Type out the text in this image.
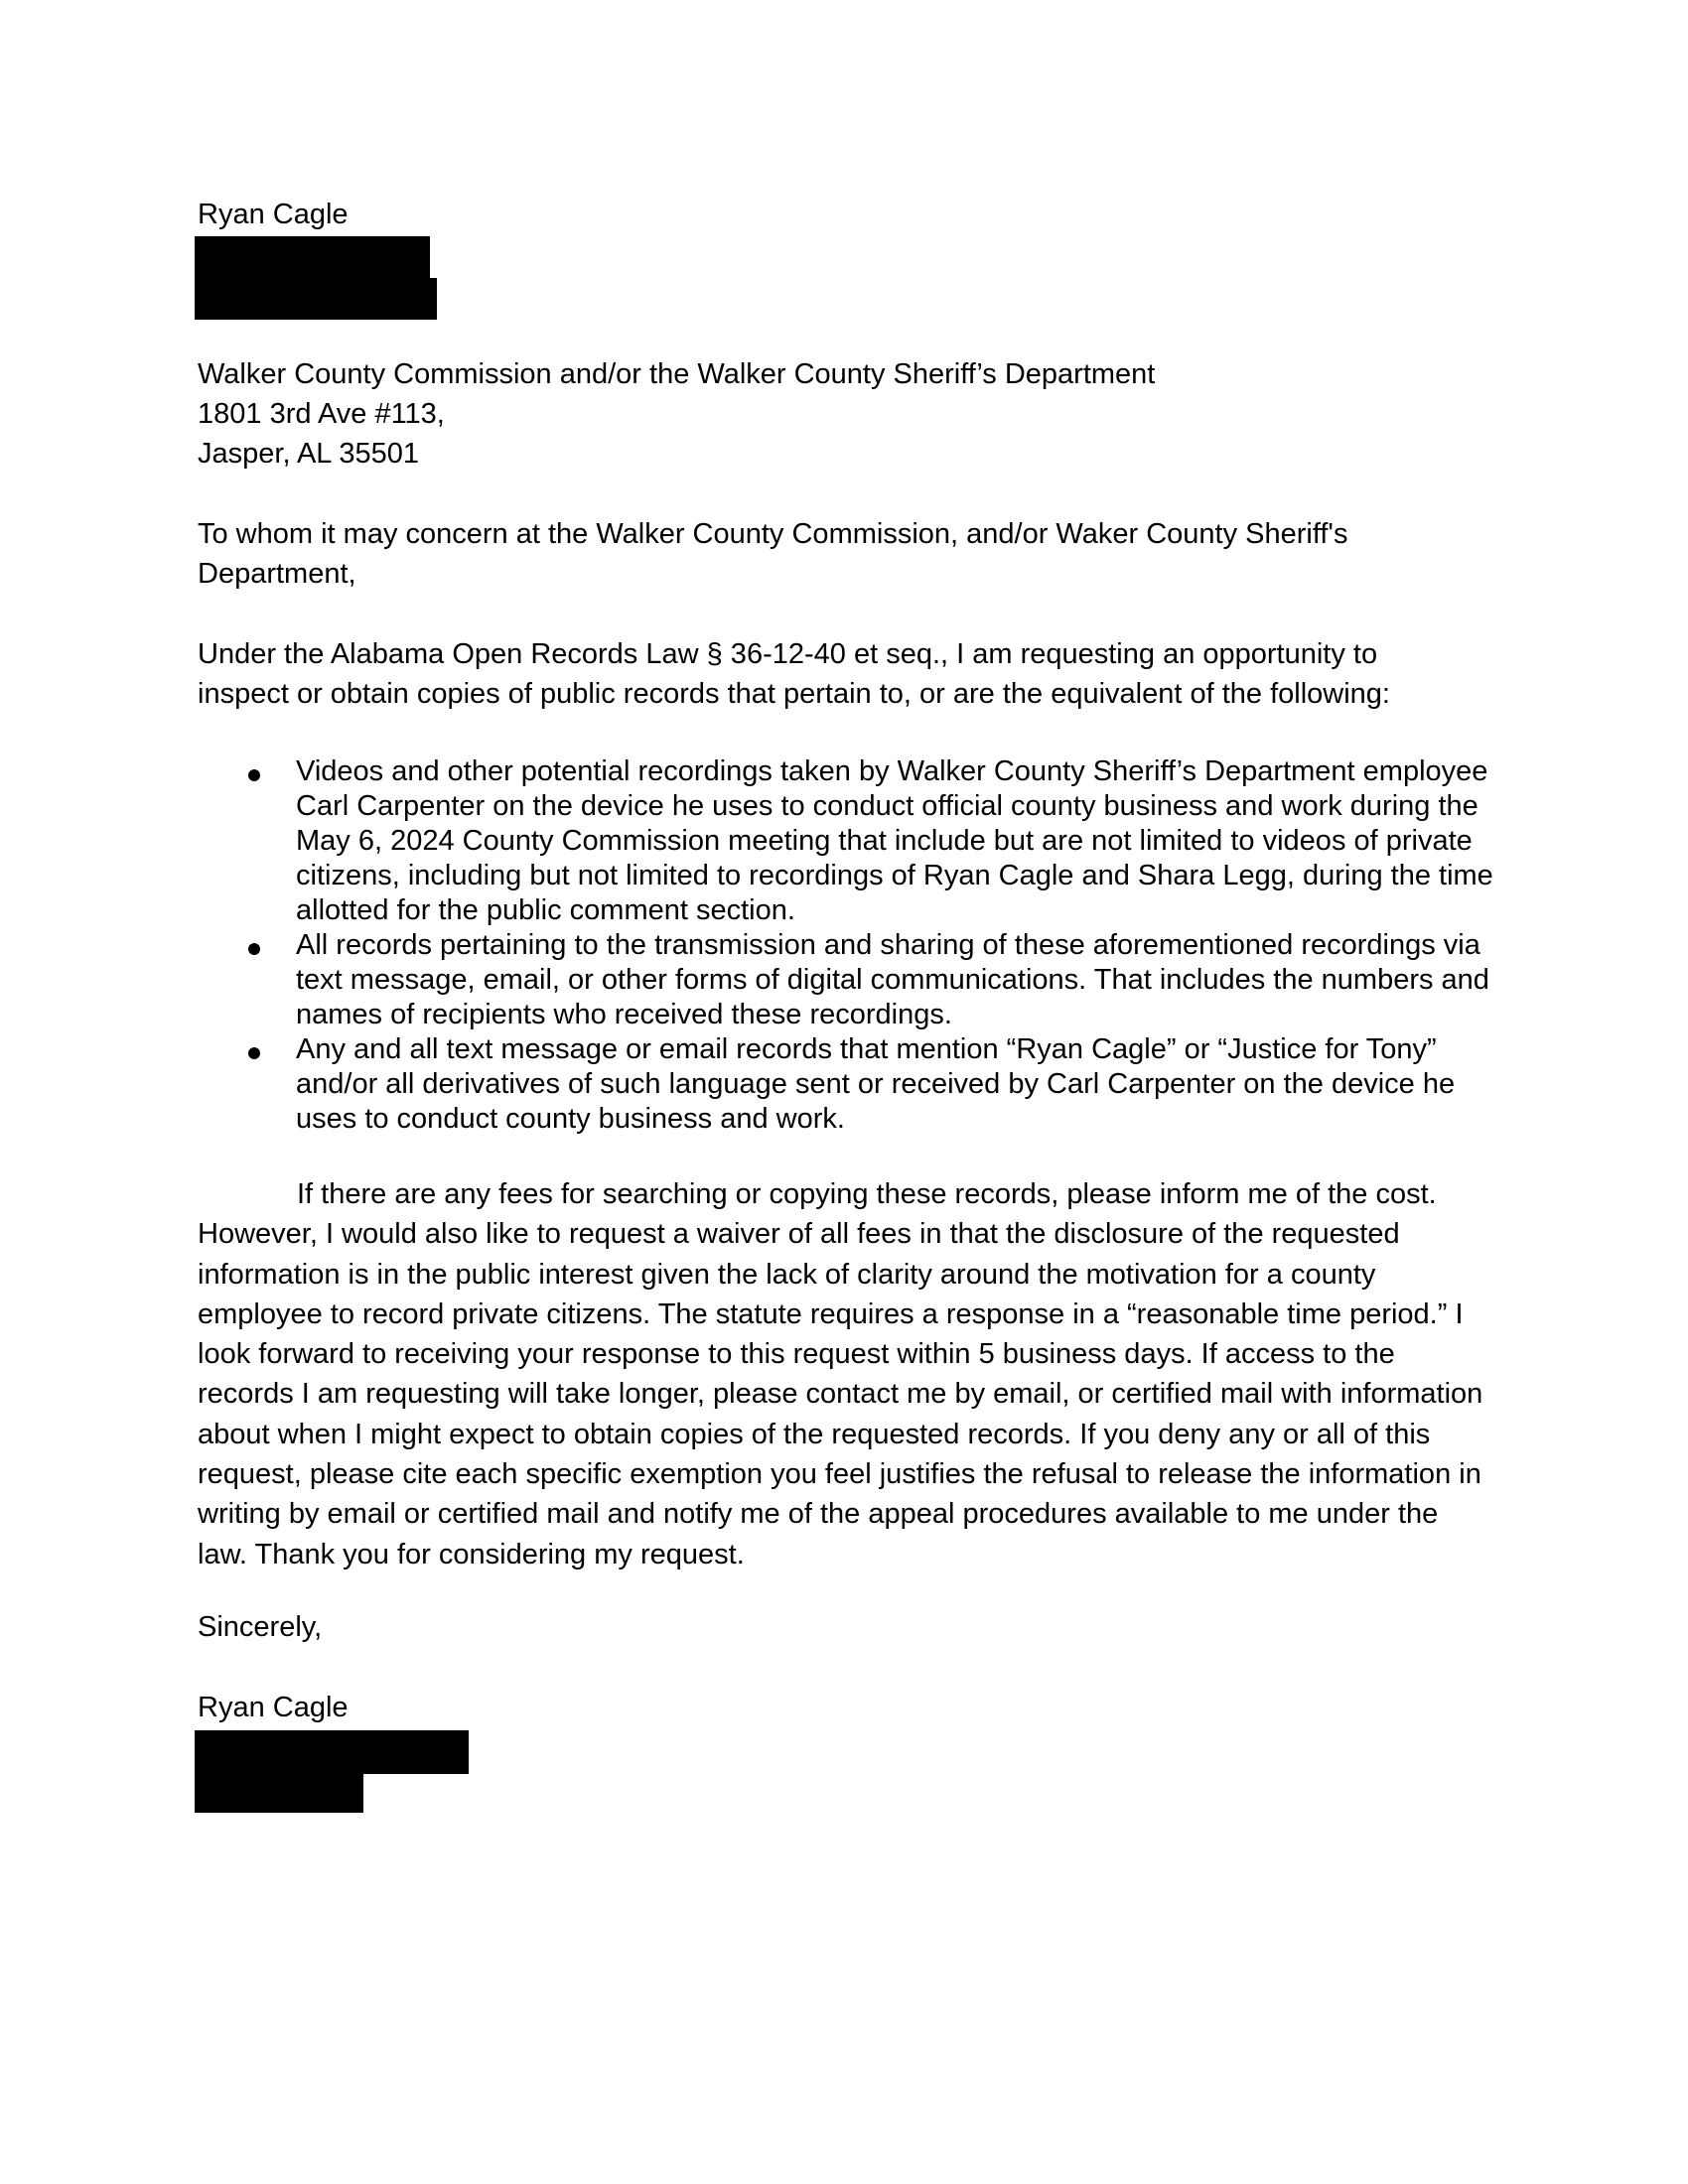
Ryan Cagle

Walker County Commission and/or the Walker County Sheriff’s Department

1801 3rd Ave #113,

Jasper, AL 35501

To whom it may concern at the Walker County Commission, and/or Waker County Sheriff's

Department,

Under the Alabama Open Records Law § 36-12-40 et seq., I am requesting an opportunity to

inspect or obtain copies of public records that pertain to, or are the equivalent of the following:

Videos and other potential recordings taken by Walker County Sheriff’s Department employee Carl Carpenter on the device he uses to conduct official county business and work during the May 6, 2024 County Commission meeting that include but are not limited to videos of private citizens, including but not limited to recordings of Ryan Cagle and Shara Legg, during the time allotted for the public comment section.
All records pertaining to the transmission and sharing of these aforementioned recordings via text message, email, or other forms of digital communications. That includes the numbers and names of recipients who received these recordings.
Any and all text message or email records that mention “Ryan Cagle” or “Justice for Tony” and/or all derivatives of such language sent or received by Carl Carpenter on the device he uses to conduct county business and work.

If there are any fees for searching or copying these records, please inform me of the cost. However, I would also like to request a waiver of all fees in that the disclosure of the requested information is in the public interest given the lack of clarity around the motivation for a county employee to record private citizens. The statute requires a response in a “reasonable time period.” I look forward to receiving your response to this request within 5 business days. If access to the records I am requesting will take longer, please contact me by email, or certified mail with information about when I might expect to obtain copies of the requested records. If you deny any or all of this request, please cite each specific exemption you feel justifies the refusal to release the information in writing by email or certified mail and notify me of the appeal procedures available to me under the law. Thank you for considering my request.

Sincerely,

Ryan Cagle
